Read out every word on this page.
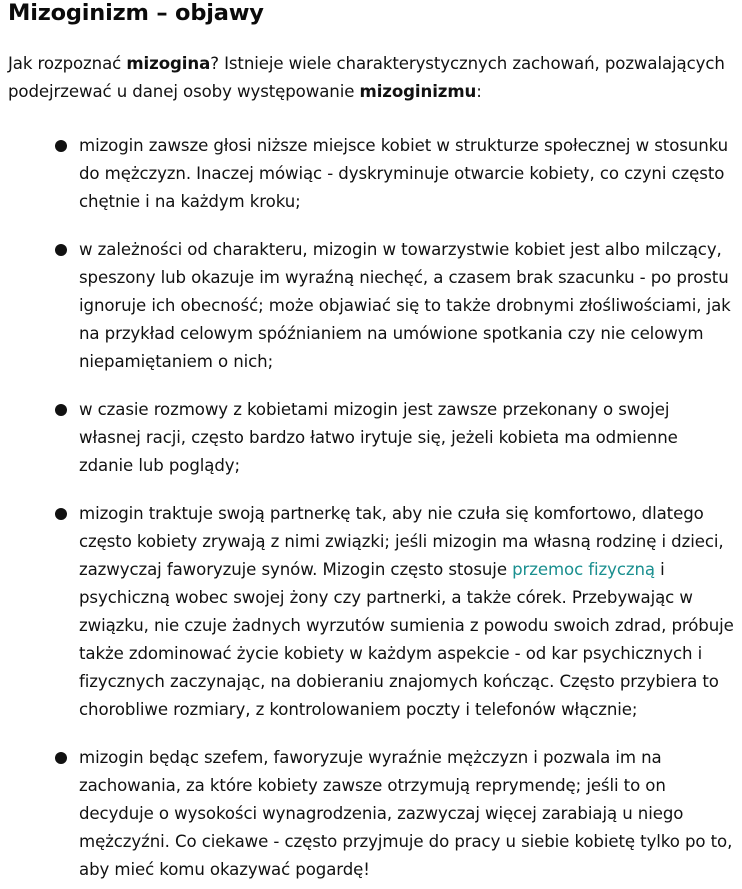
Mizoginizm – objawy

Jak rozpoznać mizogina? Istnieje wiele charakterystycznych zachowań, pozwalających podejrzewać u danej osoby występowanie mizoginizmu:

mizogin zawsze głosi niższe miejsce kobiet w strukturze społecznej w stosunku do mężczyzn. Inaczej mówiąc - dyskryminuje otwarcie kobiety, co czyni często chętnie i na każdym kroku;
w zależności od charakteru, mizogin w towarzystwie kobiet jest albo milczący, speszony lub okazuje im wyraźną niechęć, a czasem brak szacunku - po prostu ignoruje ich obecność; może objawiać się to także drobnymi złośliwościami, jak na przykład celowym spóźnianiem na umówione spotkania czy nie celowym niepamiętaniem o nich;
w czasie rozmowy z kobietami mizogin jest zawsze przekonany o swojej własnej racji, często bardzo łatwo irytuje się, jeżeli kobieta ma odmienne zdanie lub poglądy;
mizogin traktuje swoją partnerkę tak, aby nie czuła się komfortowo, dlatego często kobiety zrywają z nimi związki; jeśli mizogin ma własną rodzinę i dzieci, zazwyczaj faworyzuje synów. Mizogin często stosuje przemoc fizyczną i psychiczną wobec swojej żony czy partnerki, a także córek. Przebywając w związku, nie czuje żadnych wyrzutów sumienia z powodu swoich zdrad, próbuje także zdominować życie kobiety w każdym aspekcie - od kar psychicznych i fizycznych zaczynając, na dobieraniu znajomych kończąc. Często przybiera to chorobliwe rozmiary, z kontrolowaniem poczty i telefonów włącznie;
mizogin będąc szefem, faworyzuje wyraźnie mężczyzn i pozwala im na zachowania, za które kobiety zawsze otrzymują reprymendę; jeśli to on decyduje o wysokości wynagrodzenia, zazwyczaj więcej zarabiają u niego mężczyźni. Co ciekawe - często przyjmuje do pracy u siebie kobietę tylko po to, aby mieć komu okazywać pogardę!
